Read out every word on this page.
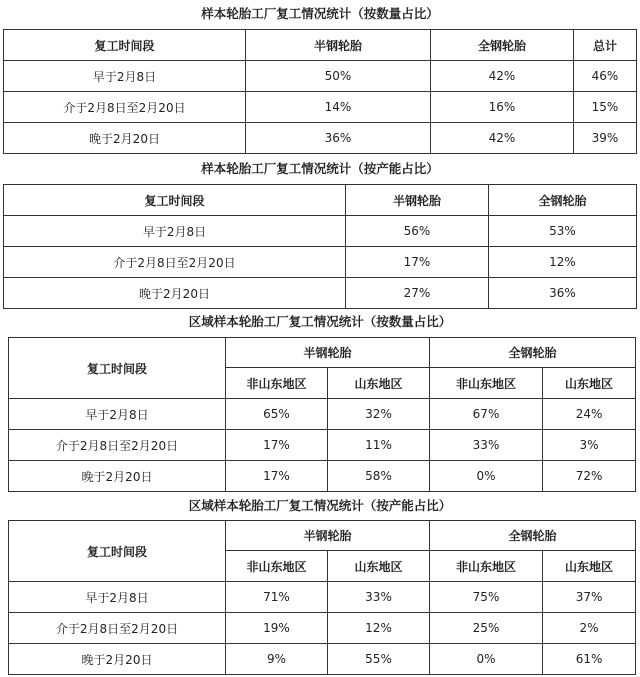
样本轮胎工厂复工情况统计（按数量占比）
复工时间段	半钢轮胎	全钢轮胎	总计
早于2月8日	50%	42%	46%
介于2月8日至2月20日	14%	16%	15%
晚于2月20日	36%	42%	39%
样本轮胎工厂复工情况统计（按产能占比）
复工时间段	半钢轮胎	全钢轮胎
早于2月8日	56%	53%
介于2月8日至2月20日	17%	12%
晚于2月20日	27%	36%
区域样本轮胎工厂复工情况统计（按数量占比）
复工时间段	半钢轮胎		全钢轮胎	
	非山东地区	山东地区	非山东地区	山东地区
早于2月8日	65%	32%	67%	24%
介于2月8日至2月20日	17%	11%	33%	3%
晚于2月20日	17%	58%	0%	72%
区域样本轮胎工厂复工情况统计（按产能占比）
复工时间段	半钢轮胎		全钢轮胎	
	非山东地区	山东地区	非山东地区	山东地区
早于2月8日	71%	33%	75%	37%
介于2月8日至2月20日	19%	12%	25%	2%
晚于2月20日	9%	55%	0%	61%
